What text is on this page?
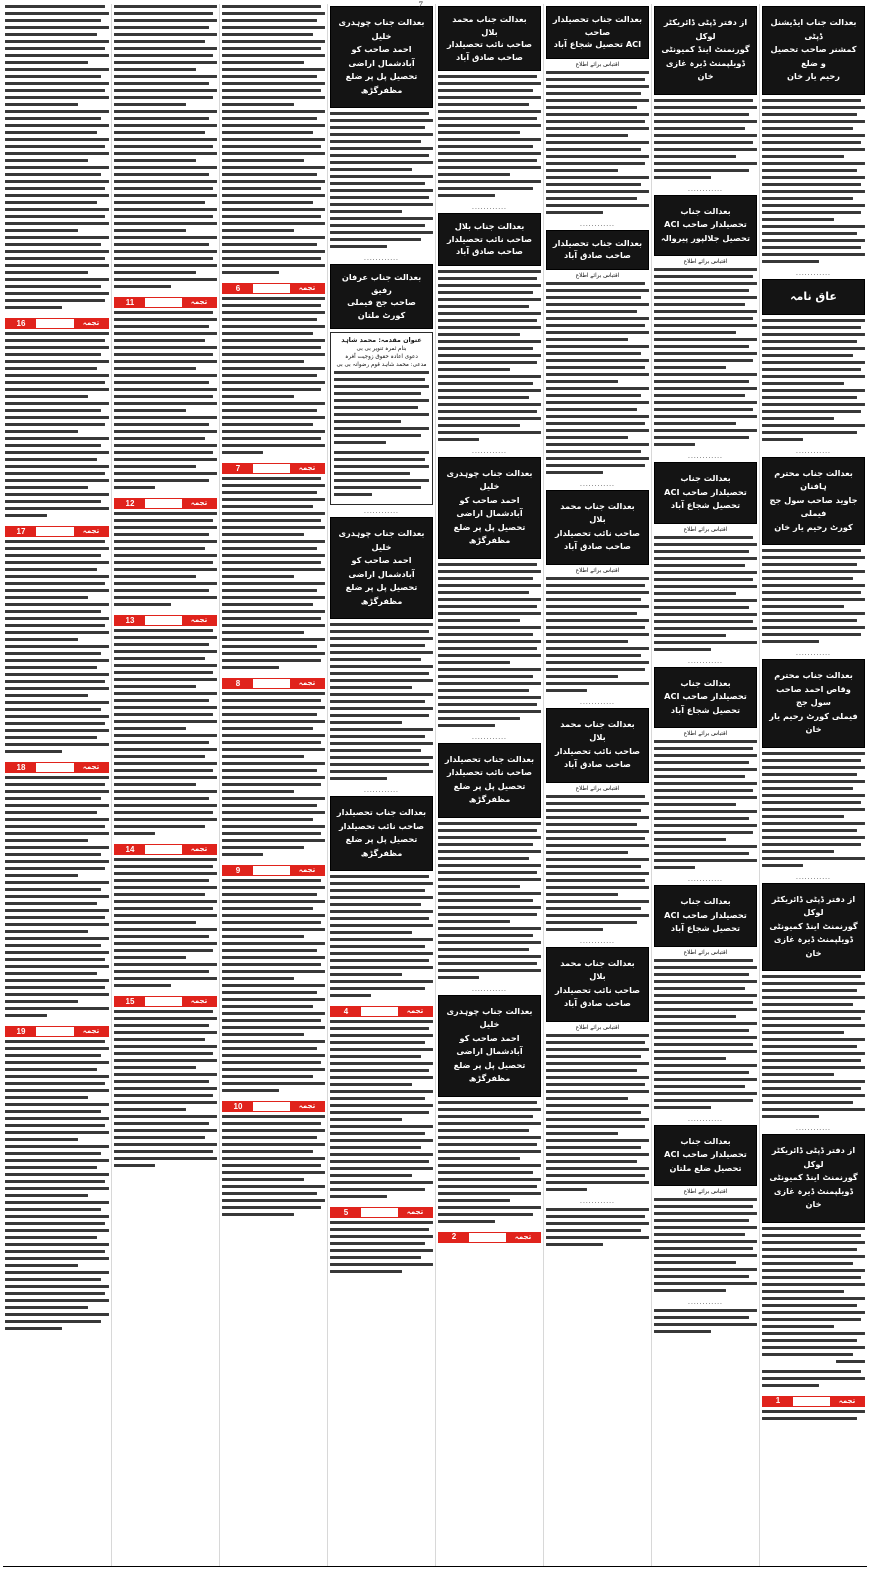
7
بعدالت جناب ایڈیشنل ڈپٹی
کمشنر صاحب تحصیل و ضلع
رحیم یار خان
............
عاق نامہ
............
بعدالت جناب محترم ہافنان
جاوید صاحب سول جج فیملی
کورٹ رحیم یار خان
............
بعدالت جناب محترم
وقاص احمد صاحب سول جج
فیملی کورٹ رحیم یار خان
............
از دفتر ڈپٹی ڈائریکٹر لوکل
گورنمنٹ اینڈ کمیونٹی
ڈویلپمنٹ ڈیرہ غازی خان
............
از دفتر ڈپٹی ڈائریکٹر لوکل
گورنمنٹ اینڈ کمیونٹی
ڈویلپمنٹ ڈیرہ غازی خان
1	تجمہ
از دفتر ڈپٹی ڈائریکٹر لوکل
گورنمنٹ اینڈ کمیونٹی
ڈویلپمنٹ ڈیرہ غازی خان
............
بعدالت جناب
تحصیلدار صاحب ACI
تحصیل جلالپور پیروالہ
اقتباس برائے اطلاع
............
بعدالت جناب
تحصیلدار صاحب ACI
تحصیل شجاع آباد
اقتباس برائے اطلاع
............
بعدالت جناب
تحصیلدار صاحب ACI
تحصیل شجاع آباد
اقتباس برائے اطلاع
............
بعدالت جناب
تحصیلدار صاحب ACI
تحصیل شجاع آباد
اقتباس برائے اطلاع
............
بعدالت جناب
تحصیلدار صاحب ACI
تحصیل ضلع ملتان
اقتباس برائے اطلاع
............
بعدالت جناب تحصیلدار صاحب
ACI تحصیل شجاع آباد
اقتباس برائے اطلاع
............
بعدالت جناب تحصیلدار
صاحب صادق آباد
اقتباس برائے اطلاع
............
بعدالت جناب محمد بلال
صاحب نائب تحصیلدار
صاحب صادق آباد
اقتباس برائے اطلاع
............
بعدالت جناب محمد بلال
صاحب نائب تحصیلدار
صاحب صادق آباد
اقتباس برائے اطلاع
............
بعدالت جناب محمد بلال
صاحب نائب تحصیلدار
صاحب صادق آباد
اقتباس برائے اطلاع
............
بعدالت جناب محمد بلال
صاحب نائب تحصیلدار
صاحب صادق آباد
............
بعدالت جناب بلال
صاحب نائب تحصیلدار
صاحب صادق آباد
............
بعدالت جناب چوہدری خلیل
احمد صاحب کو آبادشمال اراضی
تحصیل پل پر ضلع مظفرگڑھ
............
بعدالت جناب تحصیلدار
صاحب نائب تحصیلدار
تحصیل پل پر ضلع مظفرگڑھ
............
بعدالت جناب چوہدری خلیل
احمد صاحب کو آبادشمال اراضی
تحصیل پل پر ضلع مظفرگڑھ
2	تجمہ
بعدالت جناب چوہدری خلیل
احمد صاحب کو آبادشمال اراضی
تحصیل پل پر ضلع مظفرگڑھ
............
بعدالت جناب عرفان رفیق
صاحب جج فیملی کورٹ ملتان
عنوان مقدمہ: محمد شاہد
بنام ثمرہ تنویر بی بی
دعوی اعادہ حقوق زوجیت آفرہ
مدعی: محمد شاہد قوم رضوانہ بی بی
............
بعدالت جناب چوہدری خلیل
احمد صاحب کو آبادشمال اراضی
تحصیل پل پر ضلع مظفرگڑھ
............
بعدالت جناب تحصیلدار
صاحب نائب تحصیلدار
تحصیل پل پر ضلع مظفرگڑھ
4	تجمہ
5	تجمہ
6	تجمہ
7	تجمہ
8	تجمہ
9	تجمہ
10	تجمہ
11	تجمہ
12	تجمہ
13	تجمہ
14	تجمہ
15	تجمہ
16	تجمہ
17	تجمہ
18	تجمہ
19	تجمہ
